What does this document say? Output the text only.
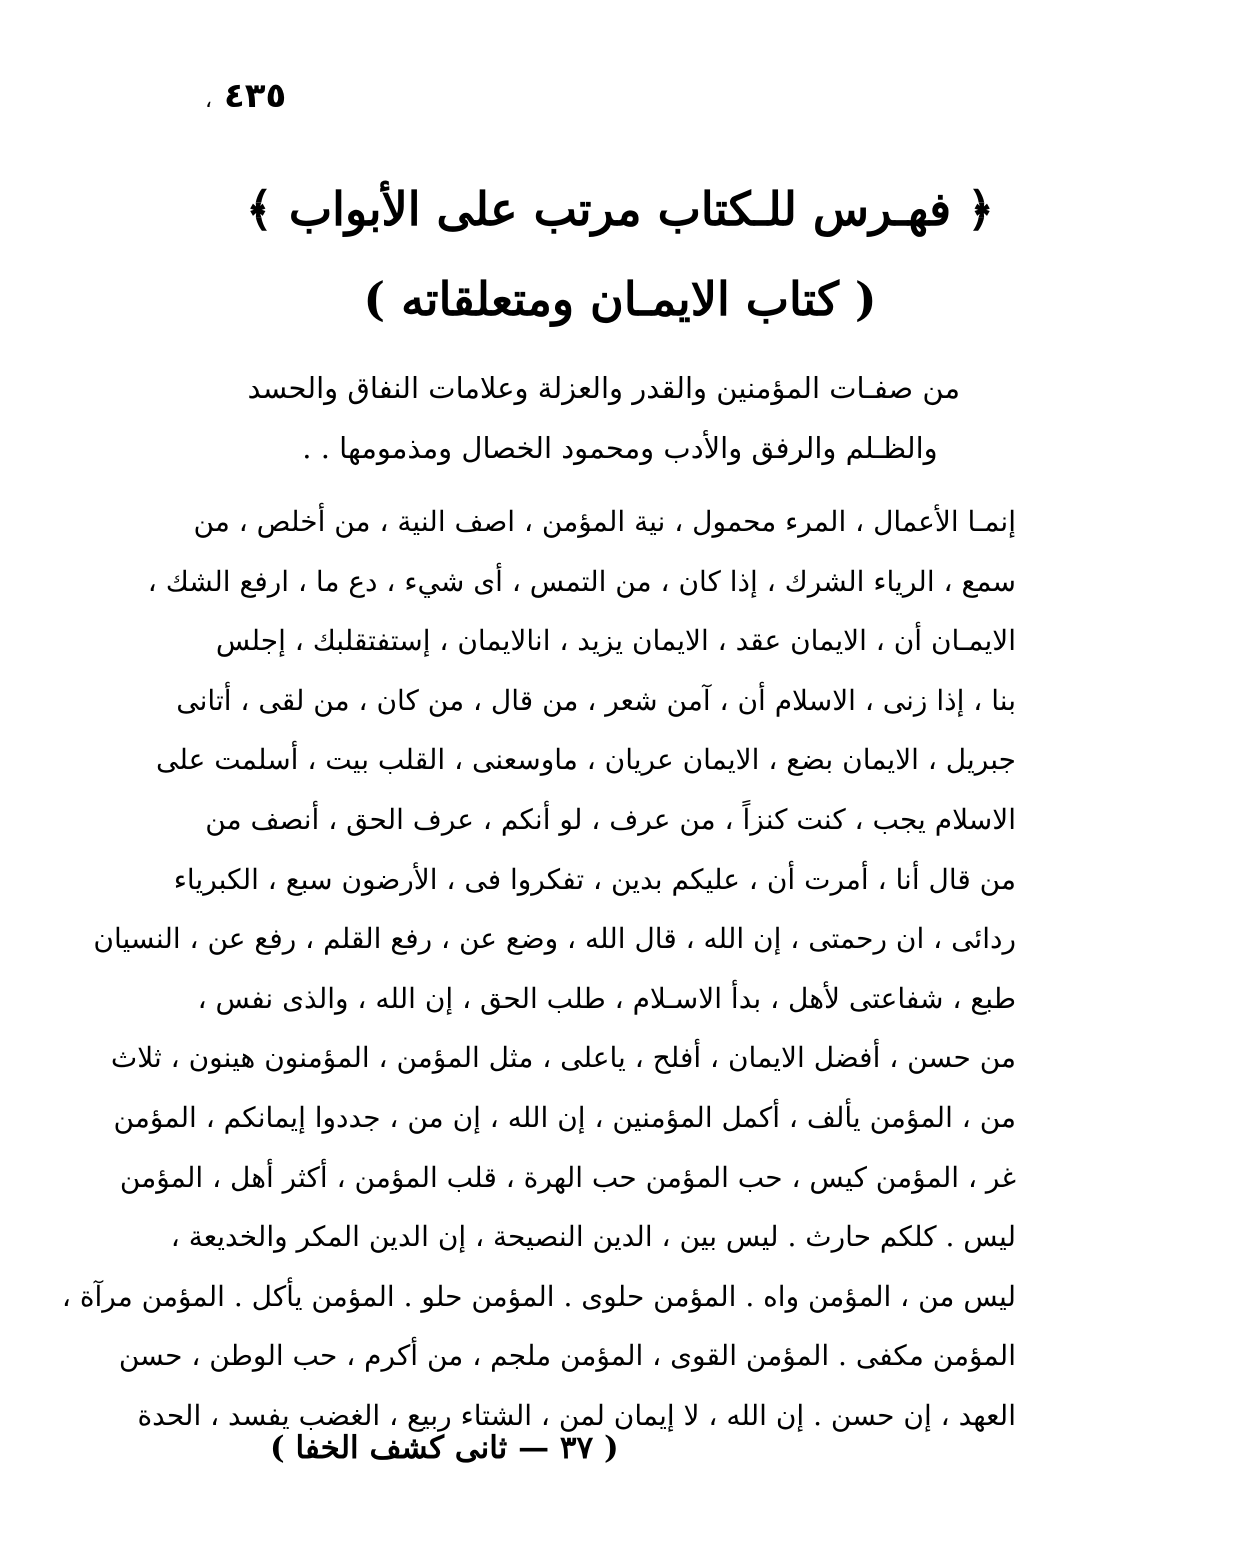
٤٣٥ ،
﴿ فهـرس للـكتاب مرتب على الأبواب ﴾
( كتاب الايمـان ومتعلقاته )
من صفـات المؤمنين والقدر والعزلة وعلامات النفاق والحسد
والظـلم والرفق والأدب ومحمود الخصال ومذمومها . .
إنمـا الأعمال ، المرء محمول ، نية المؤمن ، اصف النية ، من أخلص ، من
سمع ، الرياء الشرك ، إذا كان ، من التمس ، أى شيء ، دع ما ، ارفع الشك ،
الايمـان أن ، الايمان عقد ، الايمان يزيد ، انالايمان ، إستفتقلبك ، إجلس
بنا ، إذا زنى ، الاسلام أن ، آمن شعر ، من قال ، من كان ، من لقى ، أتانى
جبريل ، الايمان بضع ، الايمان عريان ، ماوسعنى ، القلب بيت ، أسلمت على
الاسلام يجب ، كنت كنزاً ، من عرف ، لو أنكم ، عرف الحق ، أنصف من
من قال أنا ، أمرت أن ، عليكم بدين ، تفكروا فى ، الأرضون سبع ، الكبرياء
ردائى ، ان رحمتى ، إن الله ، قال الله ، وضع عن ، رفع القلم ، رفع عن ، النسيان
طبع ، شفاعتى لأهل ، بدأ الاسـلام ، طلب الحق ، إن الله ، والذى نفس ،
من حسن ، أفضل الايمان ، أفلح ، ياعلى ، مثل المؤمن ، المؤمنون هينون ، ثلاث
من ، المؤمن يألف ، أكمل المؤمنين ، إن الله ، إن من ، جددوا إيمانكم ، المؤمن
غر ، المؤمن كيس ، حب المؤمن حب الهرة ، قلب المؤمن ، أكثر أهل ، المؤمن
ليس . كلكم حارث . ليس بين ، الدين النصيحة ، إن الدين المكر والخديعة ،
ليس من ، المؤمن واه . المؤمن حلوى . المؤمن حلو . المؤمن يأكل . المؤمن مرآة ،
المؤمن مكفى . المؤمن القوى ، المؤمن ملجم ، من أكرم ، حب الوطن ، حسن
العهد ، إن حسن . إن الله ، لا إيمان لمن ، الشتاء ربيع ، الغضب يفسد ، الحدة
( ٣٧ — ثانى كشف الخفا )
